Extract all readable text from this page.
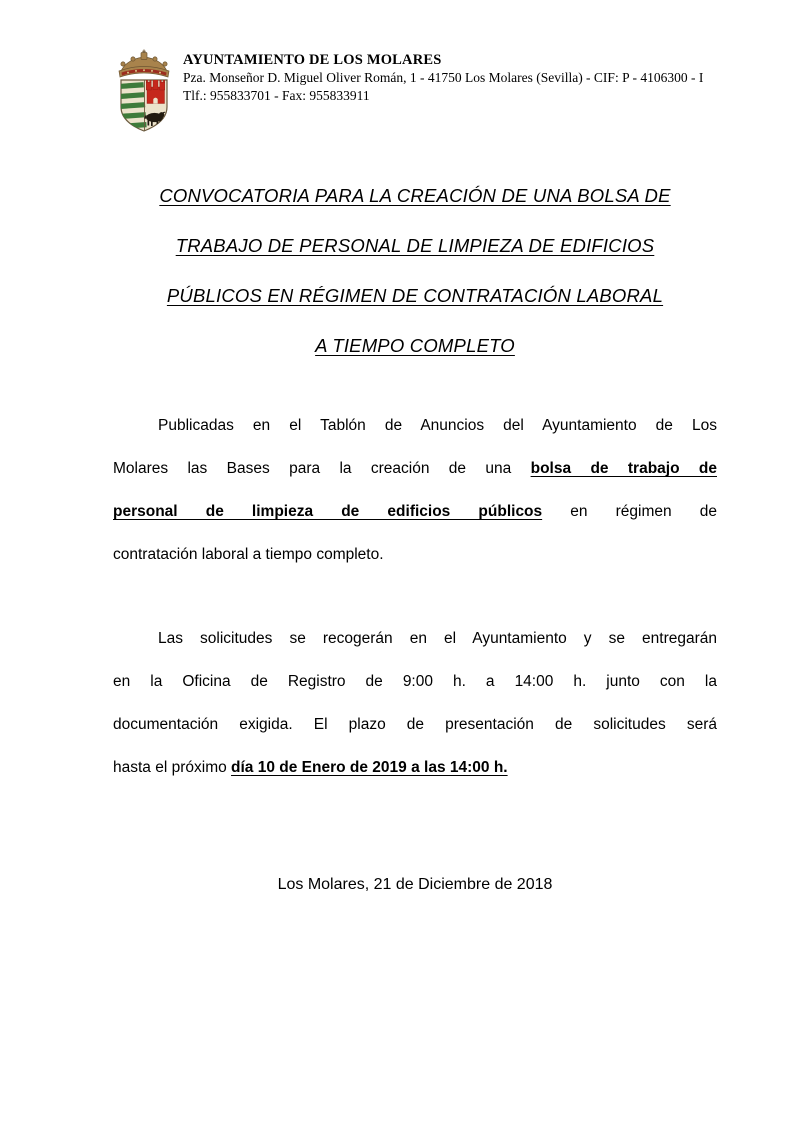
AYUNTAMIENTO DE LOS MOLARES
Pza. Monseñor D. Miguel Oliver Román, 1 - 41750 Los Molares (Sevilla) - CIF: P - 4106300 - I
Tlf.: 955833701 - Fax: 955833911
CONVOCATORIA PARA LA CREACIÓN DE UNA BOLSA DE
TRABAJO DE PERSONAL DE LIMPIEZA DE EDIFICIOS
PÚBLICOS EN RÉGIMEN DE CONTRATACIÓN LABORAL
A TIEMPO COMPLETO
Publicadas en el Tablón de Anuncios del Ayuntamiento de Los
Molares las Bases para la creación de una bolsa de trabajo de
personal de limpieza de edificios públicos en régimen de
contratación laboral a tiempo completo.
Las solicitudes se recogerán en el Ayuntamiento y se entregarán
en la Oficina de Registro de 9:00 h. a 14:00 h. junto con la
documentación exigida. El plazo de presentación de solicitudes será
hasta el próximo día 10 de Enero de 2019 a las 14:00 h.
Los Molares, 21 de Diciembre de 2018
